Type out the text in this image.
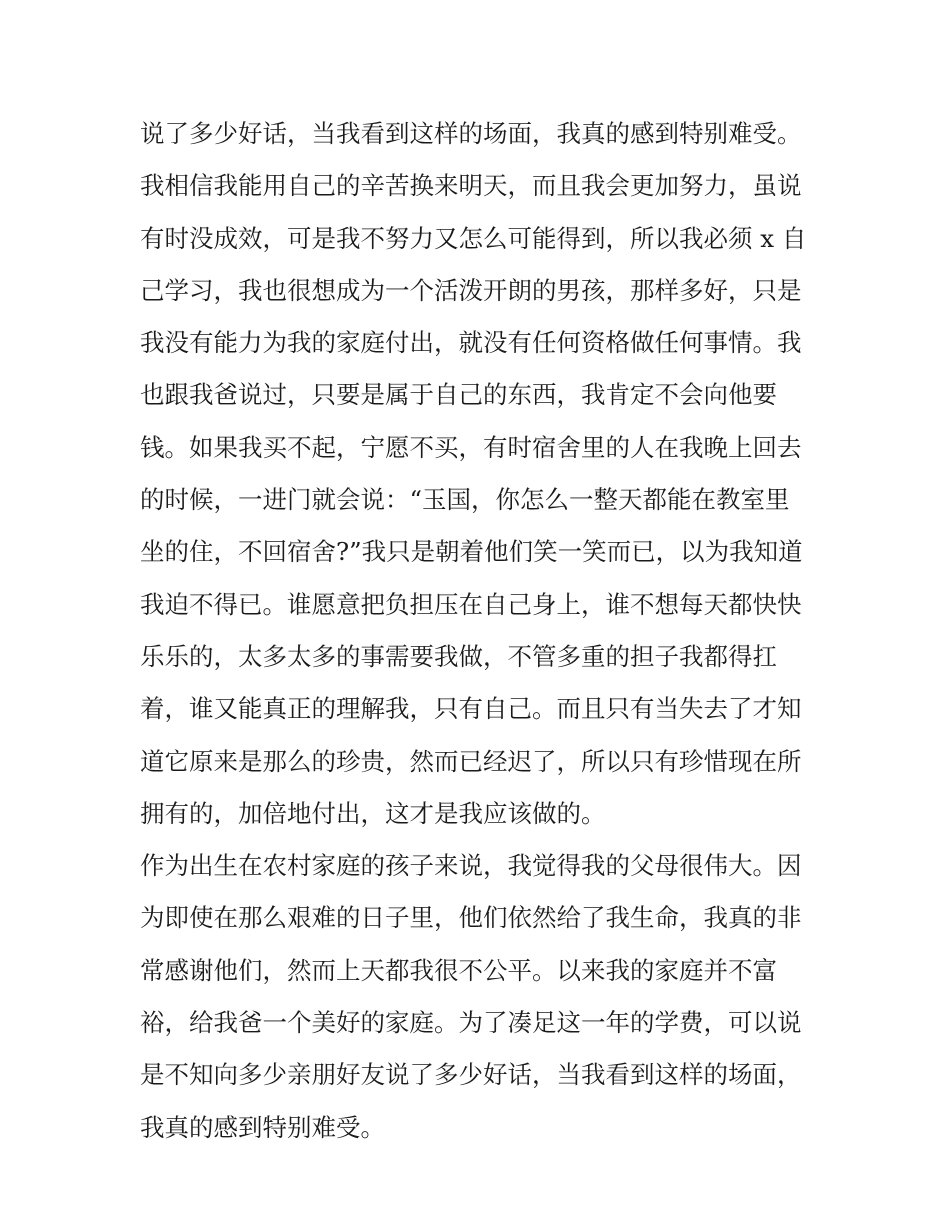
说了多少好话，当我看到这样的场面，我真的感到特别难受。
我相信我能用自己的辛苦换来明天，而且我会更加努力，虽说
有时没成效，可是我不努力又怎么可能得到，所以我必须 x 自
己学习，我也很想成为一个活泼开朗的男孩，那样多好，只是
我没有能力为我的家庭付出，就没有任何资格做任何事情。我
也跟我爸说过，只要是属于自己的东西，我肯定不会向他要
钱。如果我买不起，宁愿不买，有时宿舍里的人在我晚上回去
的时候，一进门就会说：“玉国，你怎么一整天都能在教室里
坐的住，不回宿舍?”我只是朝着他们笑一笑而已，以为我知道
我迫不得已。谁愿意把负担压在自己身上，谁不想每天都快快
乐乐的，太多太多的事需要我做，不管多重的担子我都得扛
着，谁又能真正的理解我，只有自己。而且只有当失去了才知
道它原来是那么的珍贵，然而已经迟了，所以只有珍惜现在所
拥有的，加倍地付出，这才是我应该做的。
作为出生在农村家庭的孩子来说，我觉得我的父母很伟大。因
为即使在那么艰难的日子里，他们依然给了我生命，我真的非
常感谢他们，然而上天都我很不公平。以来我的家庭并不富
裕，给我爸一个美好的家庭。为了凑足这一年的学费，可以说
是不知向多少亲朋好友说了多少好话，当我看到这样的场面，
我真的感到特别难受。
